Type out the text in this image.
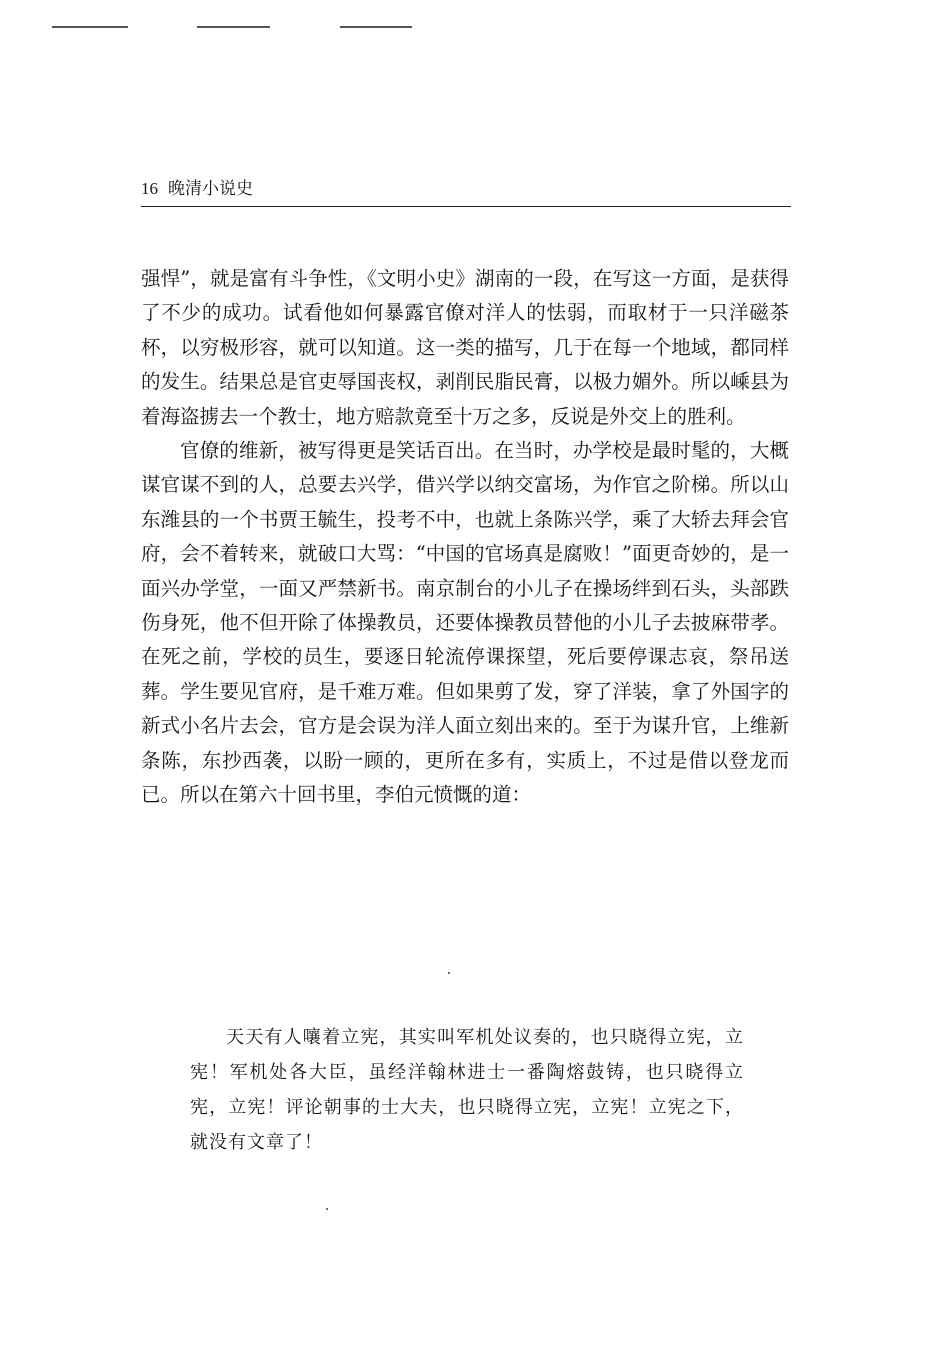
16 晚清小说史

强悍”，就是富有斗争性，《文明小史》湖南的一段，在写这一方面，是获得了不少的成功。试看他如何暴露官僚对洋人的怯弱，而取材于一只洋磁茶杯，以穷极形容，就可以知道。这一类的描写，几于在每一个地域，都同样的发生。结果总是官吏辱国丧权，剥削民脂民膏，以极力媚外。所以嵊县为着海盗掳去一个教士，地方赔款竟至十万之多，反说是外交上的胜利。

官僚的维新，被写得更是笑话百出。在当时，办学校是最时髦的，大概谋官谋不到的人，总要去兴学，借兴学以纳交富场，为作官之阶梯。所以山东潍县的一个书贾王毓生，投考不中，也就上条陈兴学，乘了大轿去拜会官府，会不着转来，就破口大骂：“中国的官场真是腐败！”面更奇妙的，是一面兴办学堂，一面又严禁新书。南京制台的小儿子在操场绊到石头，头部跌伤身死，他不但开除了体操教员，还要体操教员替他的小儿子去披麻带孝。在死之前，学校的员生，要逐日轮流停课探望，死后要停课志哀，祭吊送葬。学生要见官府，是千难万难。但如果剪了发，穿了洋装，拿了外国字的新式小名片去会，官方是会误为洋人面立刻出来的。至于为谋升官，上维新条陈，东抄西袭，以盼一顾的，更所在多有，实质上，不过是借以登龙而已。所以在第六十回书里，李伯元愤慨的道：

天天有人嚷着立宪，其实叫军机处议奏的，也只晓得立宪，立宪！军机处各大臣，虽经洋翰林进士一番陶熔鼓铸，也只晓得立宪，立宪！评论朝事的士大夫，也只晓得立宪，立宪！立宪之下，就没有文章了！
